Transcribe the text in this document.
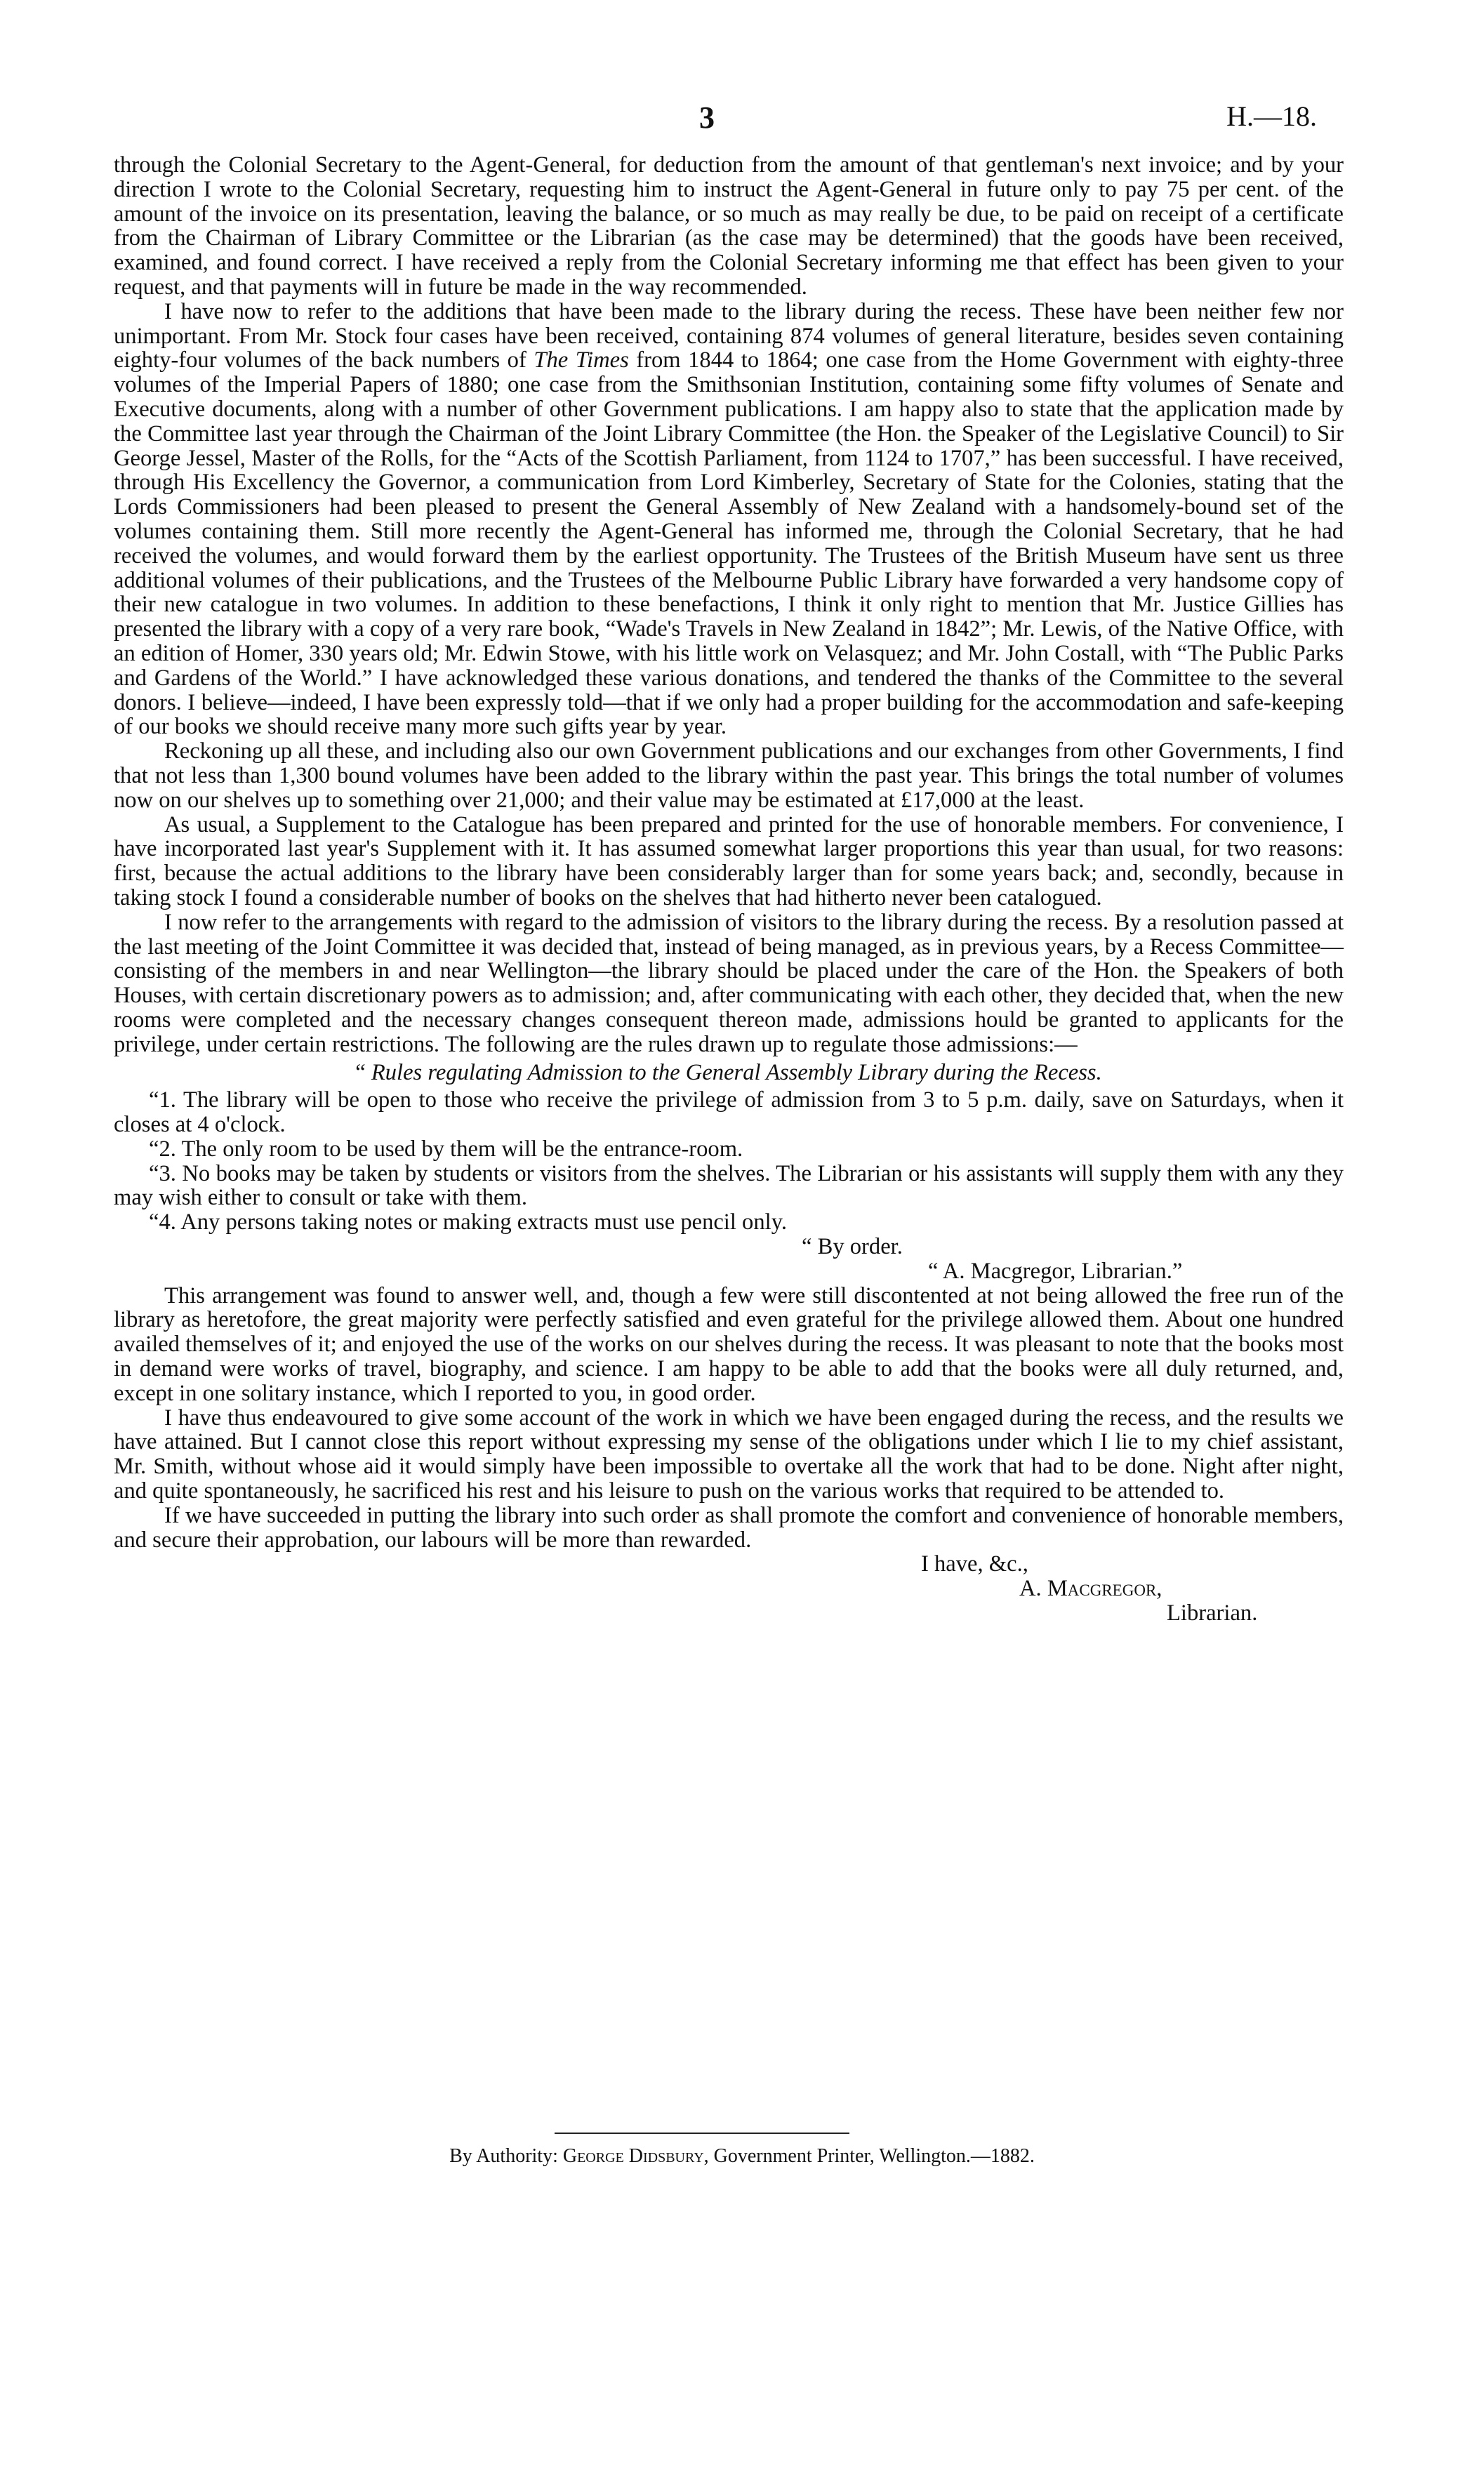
3	H.—18.

through the Colonial Secretary to the Agent-General, for deduction from the amount of that gentleman's next invoice; and by your direction I wrote to the Colonial Secretary, requesting him to instruct the Agent-General in future only to pay 75 per cent. of the amount of the invoice on its presentation, leaving the balance, or so much as may really be due, to be paid on receipt of a certificate from the Chairman of Library Committee or the Librarian (as the case may be determined) that the goods have been received, examined, and found correct. I have received a reply from the Colonial Secretary informing me that effect has been given to your request, and that payments will in future be made in the way recommended.

I have now to refer to the additions that have been made to the library during the recess. These have been neither few nor unimportant. From Mr. Stock four cases have been received, containing 874 volumes of general literature, besides seven containing eighty-four volumes of the back numbers of The Times from 1844 to 1864; one case from the Home Government with eighty-three volumes of the Imperial Papers of 1880; one case from the Smithsonian Institution, containing some fifty volumes of Senate and Executive documents, along with a number of other Government publications. I am happy also to state that the application made by the Committee last year through the Chairman of the Joint Library Committee (the Hon. the Speaker of the Legislative Council) to Sir George Jessel, Master of the Rolls, for the “Acts of the Scottish Parliament, from 1124 to 1707,” has been successful. I have received, through His Excellency the Governor, a communication from Lord Kimberley, Secretary of State for the Colonies, stating that the Lords Commissioners had been pleased to present the General Assembly of New Zealand with a handsomely-bound set of the volumes containing them. Still more recently the Agent-General has informed me, through the Colonial Secretary, that he had received the volumes, and would forward them by the earliest opportunity. The Trustees of the British Museum have sent us three additional volumes of their publications, and the Trustees of the Melbourne Public Library have forwarded a very handsome copy of their new catalogue in two volumes. In addition to these benefactions, I think it only right to mention that Mr. Justice Gillies has presented the library with a copy of a very rare book, “Wade's Travels in New Zealand in 1842”; Mr. Lewis, of the Native Office, with an edition of Homer, 330 years old; Mr. Edwin Stowe, with his little work on Velasquez; and Mr. John Costall, with “The Public Parks and Gardens of the World.” I have acknowledged these various donations, and tendered the thanks of the Committee to the several donors. I believe—indeed, I have been expressly told—that if we only had a proper building for the accommodation and safe-keeping of our books we should receive many more such gifts year by year.

Reckoning up all these, and including also our own Government publications and our exchanges from other Governments, I find that not less than 1,300 bound volumes have been added to the library within the past year. This brings the total number of volumes now on our shelves up to something over 21,000; and their value may be estimated at £17,000 at the least.

As usual, a Supplement to the Catalogue has been prepared and printed for the use of honorable members. For convenience, I have incorporated last year's Supplement with it. It has assumed somewhat larger proportions this year than usual, for two reasons: first, because the actual additions to the library have been considerably larger than for some years back; and, secondly, because in taking stock I found a considerable number of books on the shelves that had hitherto never been catalogued.

I now refer to the arrangements with regard to the admission of visitors to the library during the recess. By a resolution passed at the last meeting of the Joint Committee it was decided that, instead of being managed, as in previous years, by a Recess Committee—consisting of the members in and near Wellington—the library should be placed under the care of the Hon. the Speakers of both Houses, with certain discretionary powers as to admission; and, after communicating with each other, they decided that, when the new rooms were completed and the necessary changes consequent thereon made, admissions hould be granted to applicants for the privilege, under certain restrictions. The following are the rules drawn up to regulate those admissions:—

“ Rules regulating Admission to the General Assembly Library during the Recess.

“1. The library will be open to those who receive the privilege of admission from 3 to 5 p.m. daily, save on Saturdays, when it closes at 4 o'clock.

“2. The only room to be used by them will be the entrance-room.

“3. No books may be taken by students or visitors from the shelves. The Librarian or his assistants will supply them with any they may wish either to consult or take with them.

“4. Any persons taking notes or making extracts must use pencil only.

“ By order.
“ A. Macgregor, Librarian.”

This arrangement was found to answer well, and, though a few were still discontented at not being allowed the free run of the library as heretofore, the great majority were perfectly satisfied and even grateful for the privilege allowed them. About one hundred availed themselves of it; and enjoyed the use of the works on our shelves during the recess. It was pleasant to note that the books most in demand were works of travel, biography, and science. I am happy to be able to add that the books were all duly returned, and, except in one solitary instance, which I reported to you, in good order.

I have thus endeavoured to give some account of the work in which we have been engaged during the recess, and the results we have attained. But I cannot close this report without expressing my sense of the obligations under which I lie to my chief assistant, Mr. Smith, without whose aid it would simply have been impossible to overtake all the work that had to be done. Night after night, and quite spontaneously, he sacrificed his rest and his leisure to push on the various works that required to be attended to.

If we have succeeded in putting the library into such order as shall promote the comfort and convenience of honorable members, and secure their approbation, our labours will be more than rewarded.

I have, &c.,
A. Macgregor,
Librarian.
By Authority: George Didsbury, Government Printer, Wellington.—1882.
